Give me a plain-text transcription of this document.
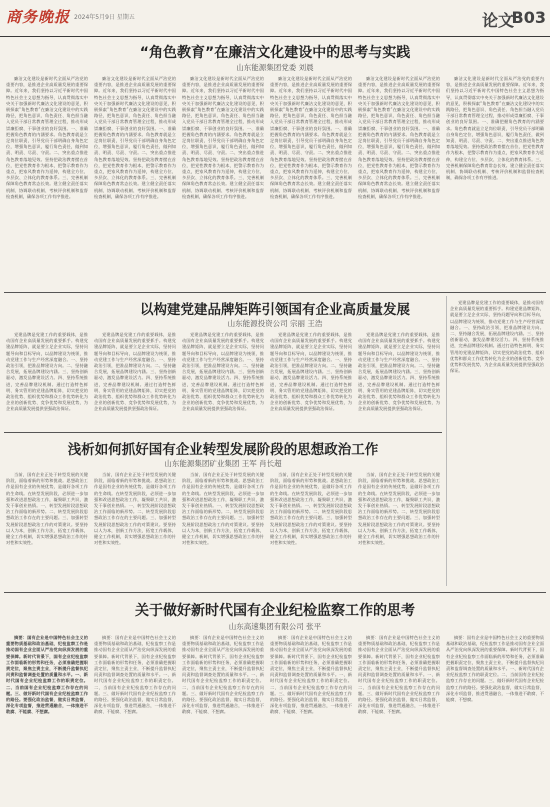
商务晚报 2024年5月9日 星期五	论文
B03
“角色教育”在廉洁文化建设中的思考与实践
山东能源集团党委 刘晨

廉洁文化建设是新时代全面从严治党的重要内容，是推进企业高质量发展的重要保障。近年来，我们坚持以习近平新时代中国特色社会主义思想为指导，认真贯彻落实中央关于加强新时代廉洁文化建设的意见，积极探索“角色教育”在廉洁文化建设中的实践路径，把角色意识、角色责任、角色担当融入党员干部日常教育管理全过程，推动形成崇廉拒腐、干事创业的良好氛围。一、准确把握角色教育的内涵要求。角色教育就是立足岗位职责，引导党员干部明确自身角色定位，增强角色意识，履行角色责任，做到知责、明责、尽责、守责。二、突出重点推进角色教育落地见效。坚持把政治教育摆在首位，把党性教育作为根本，把警示教育作为重点，把家风教育作为延伸，构建全方位、多层次、立体化的教育体系。三、完善机制保障角色教育常态长效。建立健全责任落实机制、协调联动机制、考核评价机制和监督检查机制，确保各项工作有序推进。

廉洁文化建设是新时代全面从严治党的重要内容，是推进企业高质量发展的重要保障。近年来，我们坚持以习近平新时代中国特色社会主义思想为指导，认真贯彻落实中央关于加强新时代廉洁文化建设的意见，积极探索“角色教育”在廉洁文化建设中的实践路径，把角色意识、角色责任、角色担当融入党员干部日常教育管理全过程，推动形成崇廉拒腐、干事创业的良好氛围。一、准确把握角色教育的内涵要求。角色教育就是立足岗位职责，引导党员干部明确自身角色定位，增强角色意识，履行角色责任，做到知责、明责、尽责、守责。二、突出重点推进角色教育落地见效。坚持把政治教育摆在首位，把党性教育作为根本，把警示教育作为重点，把家风教育作为延伸，构建全方位、多层次、立体化的教育体系。三、完善机制保障角色教育常态长效。建立健全责任落实机制、协调联动机制、考核评价机制和监督检查机制，确保各项工作有序推进。

廉洁文化建设是新时代全面从严治党的重要内容，是推进企业高质量发展的重要保障。近年来，我们坚持以习近平新时代中国特色社会主义思想为指导，认真贯彻落实中央关于加强新时代廉洁文化建设的意见，积极探索“角色教育”在廉洁文化建设中的实践路径，把角色意识、角色责任、角色担当融入党员干部日常教育管理全过程，推动形成崇廉拒腐、干事创业的良好氛围。一、准确把握角色教育的内涵要求。角色教育就是立足岗位职责，引导党员干部明确自身角色定位，增强角色意识，履行角色责任，做到知责、明责、尽责、守责。二、突出重点推进角色教育落地见效。坚持把政治教育摆在首位，把党性教育作为根本，把警示教育作为重点，把家风教育作为延伸，构建全方位、多层次、立体化的教育体系。三、完善机制保障角色教育常态长效。建立健全责任落实机制、协调联动机制、考核评价机制和监督检查机制，确保各项工作有序推进。

廉洁文化建设是新时代全面从严治党的重要内容，是推进企业高质量发展的重要保障。近年来，我们坚持以习近平新时代中国特色社会主义思想为指导，认真贯彻落实中央关于加强新时代廉洁文化建设的意见，积极探索“角色教育”在廉洁文化建设中的实践路径，把角色意识、角色责任、角色担当融入党员干部日常教育管理全过程，推动形成崇廉拒腐、干事创业的良好氛围。一、准确把握角色教育的内涵要求。角色教育就是立足岗位职责，引导党员干部明确自身角色定位，增强角色意识，履行角色责任，做到知责、明责、尽责、守责。二、突出重点推进角色教育落地见效。坚持把政治教育摆在首位，把党性教育作为根本，把警示教育作为重点，把家风教育作为延伸，构建全方位、多层次、立体化的教育体系。三、完善机制保障角色教育常态长效。建立健全责任落实机制、协调联动机制、考核评价机制和监督检查机制，确保各项工作有序推进。

廉洁文化建设是新时代全面从严治党的重要内容，是推进企业高质量发展的重要保障。近年来，我们坚持以习近平新时代中国特色社会主义思想为指导，认真贯彻落实中央关于加强新时代廉洁文化建设的意见，积极探索“角色教育”在廉洁文化建设中的实践路径，把角色意识、角色责任、角色担当融入党员干部日常教育管理全过程，推动形成崇廉拒腐、干事创业的良好氛围。一、准确把握角色教育的内涵要求。角色教育就是立足岗位职责，引导党员干部明确自身角色定位，增强角色意识，履行角色责任，做到知责、明责、尽责、守责。二、突出重点推进角色教育落地见效。坚持把政治教育摆在首位，把党性教育作为根本，把警示教育作为重点，把家风教育作为延伸，构建全方位、多层次、立体化的教育体系。三、完善机制保障角色教育常态长效。建立健全责任落实机制、协调联动机制、考核评价机制和监督检查机制，确保各项工作有序推进。

廉洁文化建设是新时代全面从严治党的重要内容，是推进企业高质量发展的重要保障。近年来，我们坚持以习近平新时代中国特色社会主义思想为指导，认真贯彻落实中央关于加强新时代廉洁文化建设的意见，积极探索“角色教育”在廉洁文化建设中的实践路径，把角色意识、角色责任、角色担当融入党员干部日常教育管理全过程，推动形成崇廉拒腐、干事创业的良好氛围。一、准确把握角色教育的内涵要求。角色教育就是立足岗位职责，引导党员干部明确自身角色定位，增强角色意识，履行角色责任，做到知责、明责、尽责、守责。二、突出重点推进角色教育落地见效。坚持把政治教育摆在首位，把党性教育作为根本，把警示教育作为重点，把家风教育作为延伸，构建全方位、多层次、立体化的教育体系。三、完善机制保障角色教育常态长效。建立健全责任落实机制、协调联动机制、考核评价机制和监督检查机制，确保各项工作有序推进。

以构建党建品牌矩阵引领国有企业高质量发展
山东能源投资公司 宗丽 王浩

党建品牌是党建工作的重要载体，是推动国有企业高质量发展的重要抓手。构建党建品牌矩阵，就是要立足企业实际，坚持问题导向和目标导向，以品牌建设为统领，推动党建工作与生产经营深度融合。一、坚持政治引领，把准品牌建设方向。二、坚持融合发展，拓展品牌建设内涵。三、坚持创新驱动，激发品牌建设活力。四、坚持系统推进，完善品牌建设机制。通过打造特色鲜明、务实管用的党建品牌矩阵，切实把党的政治优势、组织优势和群众工作优势转化为企业的创新优势、竞争优势和发展优势，为企业高质量发展提供坚强政治保证。

党建品牌是党建工作的重要载体，是推动国有企业高质量发展的重要抓手。构建党建品牌矩阵，就是要立足企业实际，坚持问题导向和目标导向，以品牌建设为统领，推动党建工作与生产经营深度融合。一、坚持政治引领，把准品牌建设方向。二、坚持融合发展，拓展品牌建设内涵。三、坚持创新驱动，激发品牌建设活力。四、坚持系统推进，完善品牌建设机制。通过打造特色鲜明、务实管用的党建品牌矩阵，切实把党的政治优势、组织优势和群众工作优势转化为企业的创新优势、竞争优势和发展优势，为企业高质量发展提供坚强政治保证。

党建品牌是党建工作的重要载体，是推动国有企业高质量发展的重要抓手。构建党建品牌矩阵，就是要立足企业实际，坚持问题导向和目标导向，以品牌建设为统领，推动党建工作与生产经营深度融合。一、坚持政治引领，把准品牌建设方向。二、坚持融合发展，拓展品牌建设内涵。三、坚持创新驱动，激发品牌建设活力。四、坚持系统推进，完善品牌建设机制。通过打造特色鲜明、务实管用的党建品牌矩阵，切实把党的政治优势、组织优势和群众工作优势转化为企业的创新优势、竞争优势和发展优势，为企业高质量发展提供坚强政治保证。

党建品牌是党建工作的重要载体，是推动国有企业高质量发展的重要抓手。构建党建品牌矩阵，就是要立足企业实际，坚持问题导向和目标导向，以品牌建设为统领，推动党建工作与生产经营深度融合。一、坚持政治引领，把准品牌建设方向。二、坚持融合发展，拓展品牌建设内涵。三、坚持创新驱动，激发品牌建设活力。四、坚持系统推进，完善品牌建设机制。通过打造特色鲜明、务实管用的党建品牌矩阵，切实把党的政治优势、组织优势和群众工作优势转化为企业的创新优势、竞争优势和发展优势，为企业高质量发展提供坚强政治保证。

党建品牌是党建工作的重要载体，是推动国有企业高质量发展的重要抓手。构建党建品牌矩阵，就是要立足企业实际，坚持问题导向和目标导向，以品牌建设为统领，推动党建工作与生产经营深度融合。一、坚持政治引领，把准品牌建设方向。二、坚持融合发展，拓展品牌建设内涵。三、坚持创新驱动，激发品牌建设活力。四、坚持系统推进，完善品牌建设机制。通过打造特色鲜明、务实管用的党建品牌矩阵，切实把党的政治优势、组织优势和群众工作优势转化为企业的创新优势、竞争优势和发展优势，为企业高质量发展提供坚强政治保证。

党建品牌是党建工作的重要载体，是推动国有企业高质量发展的重要抓手。构建党建品牌矩阵，就是要立足企业实际，坚持问题导向和目标导向，以品牌建设为统领，推动党建工作与生产经营深度融合。一、坚持政治引领，把准品牌建设方向。二、坚持融合发展，拓展品牌建设内涵。三、坚持创新驱动，激发品牌建设活力。四、坚持系统推进，完善品牌建设机制。通过打造特色鲜明、务实管用的党建品牌矩阵，切实把党的政治优势、组织优势和群众工作优势转化为企业的创新优势、竞争优势和发展优势，为企业高质量发展提供坚强政治保证。

浅析如何抓好国有企业转型发展阶段的思想政治工作
山东能源集团矿业集团 王军 肖长超

当前，国有企业正处于转型发展的关键阶段，面临着新的形势和挑战。思想政治工作是国有企业的传统优势，是做好各项工作的生命线。在转型发展阶段，必须进一步加强和改进思想政治工作，凝聚职工共识，激发干事创业热情。一、转型发展阶段思想政治工作面临的新形势。二、转型发展阶段思想政治工作存在的主要问题。三、加强转型发展阶段思想政治工作的对策建议。要坚持以人为本，创新工作方法，拓宽工作载体，健全工作机制，切实增强思想政治工作的针对性和实效性。

当前，国有企业正处于转型发展的关键阶段，面临着新的形势和挑战。思想政治工作是国有企业的传统优势，是做好各项工作的生命线。在转型发展阶段，必须进一步加强和改进思想政治工作，凝聚职工共识，激发干事创业热情。一、转型发展阶段思想政治工作面临的新形势。二、转型发展阶段思想政治工作存在的主要问题。三、加强转型发展阶段思想政治工作的对策建议。要坚持以人为本，创新工作方法，拓宽工作载体，健全工作机制，切实增强思想政治工作的针对性和实效性。

当前，国有企业正处于转型发展的关键阶段，面临着新的形势和挑战。思想政治工作是国有企业的传统优势，是做好各项工作的生命线。在转型发展阶段，必须进一步加强和改进思想政治工作，凝聚职工共识，激发干事创业热情。一、转型发展阶段思想政治工作面临的新形势。二、转型发展阶段思想政治工作存在的主要问题。三、加强转型发展阶段思想政治工作的对策建议。要坚持以人为本，创新工作方法，拓宽工作载体，健全工作机制，切实增强思想政治工作的针对性和实效性。

当前，国有企业正处于转型发展的关键阶段，面临着新的形势和挑战。思想政治工作是国有企业的传统优势，是做好各项工作的生命线。在转型发展阶段，必须进一步加强和改进思想政治工作，凝聚职工共识，激发干事创业热情。一、转型发展阶段思想政治工作面临的新形势。二、转型发展阶段思想政治工作存在的主要问题。三、加强转型发展阶段思想政治工作的对策建议。要坚持以人为本，创新工作方法，拓宽工作载体，健全工作机制，切实增强思想政治工作的针对性和实效性。

当前，国有企业正处于转型发展的关键阶段，面临着新的形势和挑战。思想政治工作是国有企业的传统优势，是做好各项工作的生命线。在转型发展阶段，必须进一步加强和改进思想政治工作，凝聚职工共识，激发干事创业热情。一、转型发展阶段思想政治工作面临的新形势。二、转型发展阶段思想政治工作存在的主要问题。三、加强转型发展阶段思想政治工作的对策建议。要坚持以人为本，创新工作方法，拓宽工作载体，健全工作机制，切实增强思想政治工作的针对性和实效性。

关于做好新时代国有企业纪检监察工作的思考
山东高速集团有限公司 张平

摘要：国有企业是中国特色社会主义的重要物质基础和政治基础，纪检监察工作是推动国有企业全面从严治党向纵深发展的重要保障。新时代背景下，国有企业纪检监察工作面临新的形势和任务，必须准确把握职责定位，聚焦主责主业，不断提升监督执纪问责和监督调查处置的质量和水平。一、新时代国有企业纪检监察工作的职责定位。二、当前国有企业纪检监察工作存在的问题。三、做好新时代国有企业纪检监察工作的路径。要强化政治监督，做实日常监督，深化专项监督，推进贯通融合，一体推进不敢腐、不能腐、不想腐。

摘要：国有企业是中国特色社会主义的重要物质基础和政治基础，纪检监察工作是推动国有企业全面从严治党向纵深发展的重要保障。新时代背景下，国有企业纪检监察工作面临新的形势和任务，必须准确把握职责定位，聚焦主责主业，不断提升监督执纪问责和监督调查处置的质量和水平。一、新时代国有企业纪检监察工作的职责定位。二、当前国有企业纪检监察工作存在的问题。三、做好新时代国有企业纪检监察工作的路径。要强化政治监督，做实日常监督，深化专项监督，推进贯通融合，一体推进不敢腐、不能腐、不想腐。

摘要：国有企业是中国特色社会主义的重要物质基础和政治基础，纪检监察工作是推动国有企业全面从严治党向纵深发展的重要保障。新时代背景下，国有企业纪检监察工作面临新的形势和任务，必须准确把握职责定位，聚焦主责主业，不断提升监督执纪问责和监督调查处置的质量和水平。一、新时代国有企业纪检监察工作的职责定位。二、当前国有企业纪检监察工作存在的问题。三、做好新时代国有企业纪检监察工作的路径。要强化政治监督，做实日常监督，深化专项监督，推进贯通融合，一体推进不敢腐、不能腐、不想腐。

摘要：国有企业是中国特色社会主义的重要物质基础和政治基础，纪检监察工作是推动国有企业全面从严治党向纵深发展的重要保障。新时代背景下，国有企业纪检监察工作面临新的形势和任务，必须准确把握职责定位，聚焦主责主业，不断提升监督执纪问责和监督调查处置的质量和水平。一、新时代国有企业纪检监察工作的职责定位。二、当前国有企业纪检监察工作存在的问题。三、做好新时代国有企业纪检监察工作的路径。要强化政治监督，做实日常监督，深化专项监督，推进贯通融合，一体推进不敢腐、不能腐、不想腐。

摘要：国有企业是中国特色社会主义的重要物质基础和政治基础，纪检监察工作是推动国有企业全面从严治党向纵深发展的重要保障。新时代背景下，国有企业纪检监察工作面临新的形势和任务，必须准确把握职责定位，聚焦主责主业，不断提升监督执纪问责和监督调查处置的质量和水平。一、新时代国有企业纪检监察工作的职责定位。二、当前国有企业纪检监察工作存在的问题。三、做好新时代国有企业纪检监察工作的路径。要强化政治监督，做实日常监督，深化专项监督，推进贯通融合，一体推进不敢腐、不能腐、不想腐。

摘要：国有企业是中国特色社会主义的重要物质基础和政治基础，纪检监察工作是推动国有企业全面从严治党向纵深发展的重要保障。新时代背景下，国有企业纪检监察工作面临新的形势和任务，必须准确把握职责定位，聚焦主责主业，不断提升监督执纪问责和监督调查处置的质量和水平。一、新时代国有企业纪检监察工作的职责定位。二、当前国有企业纪检监察工作存在的问题。三、做好新时代国有企业纪检监察工作的路径。要强化政治监督，做实日常监督，深化专项监督，推进贯通融合，一体推进不敢腐、不能腐、不想腐。
